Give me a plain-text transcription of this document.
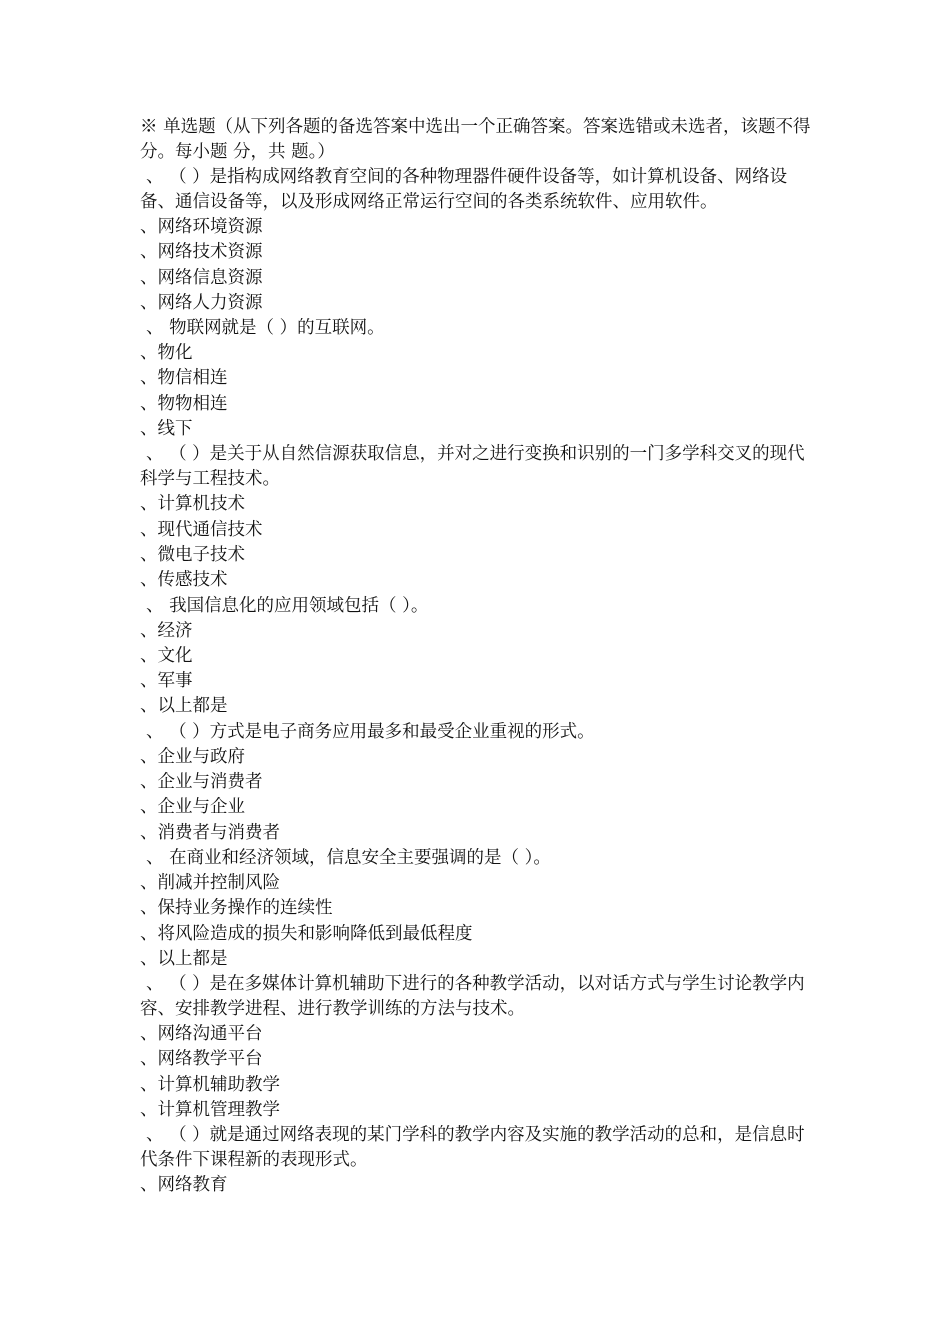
※ 单选题（从下列各题的备选答案中选出一个正确答案。答案选错或未选者，该题不得分。每小题 分，共 题。）

、 （ ）是指构成网络教育空间的各种物理器件硬件设备等，如计算机设备、网络设备、通信设备等，以及形成网络正常运行空间的各类系统软件、应用软件。

、网络环境资源

、网络技术资源

、网络信息资源

、网络人力资源

、 物联网就是（ ）的互联网。

、物化

、物信相连

、物物相连

、线下

、 （ ）是关于从自然信源获取信息，并对之进行变换和识别的一门多学科交叉的现代科学与工程技术。

、计算机技术

、现代通信技术

、微电子技术

、传感技术

、 我国信息化的应用领域包括（ ）。

、经济

、文化

、军事

、以上都是

、 （ ）方式是电子商务应用最多和最受企业重视的形式。

、企业与政府

、企业与消费者

、企业与企业

、消费者与消费者

、 在商业和经济领域，信息安全主要强调的是（ ）。

、削减并控制风险

、保持业务操作的连续性

、将风险造成的损失和影响降低到最低程度

、以上都是

、 （ ）是在多媒体计算机辅助下进行的各种教学活动，以对话方式与学生讨论教学内容、安排教学进程、进行教学训练的方法与技术。

、网络沟通平台

、网络教学平台

、计算机辅助教学

、计算机管理教学

、 （ ）就是通过网络表现的某门学科的教学内容及实施的教学活动的总和，是信息时代条件下课程新的表现形式。

、网络教育
